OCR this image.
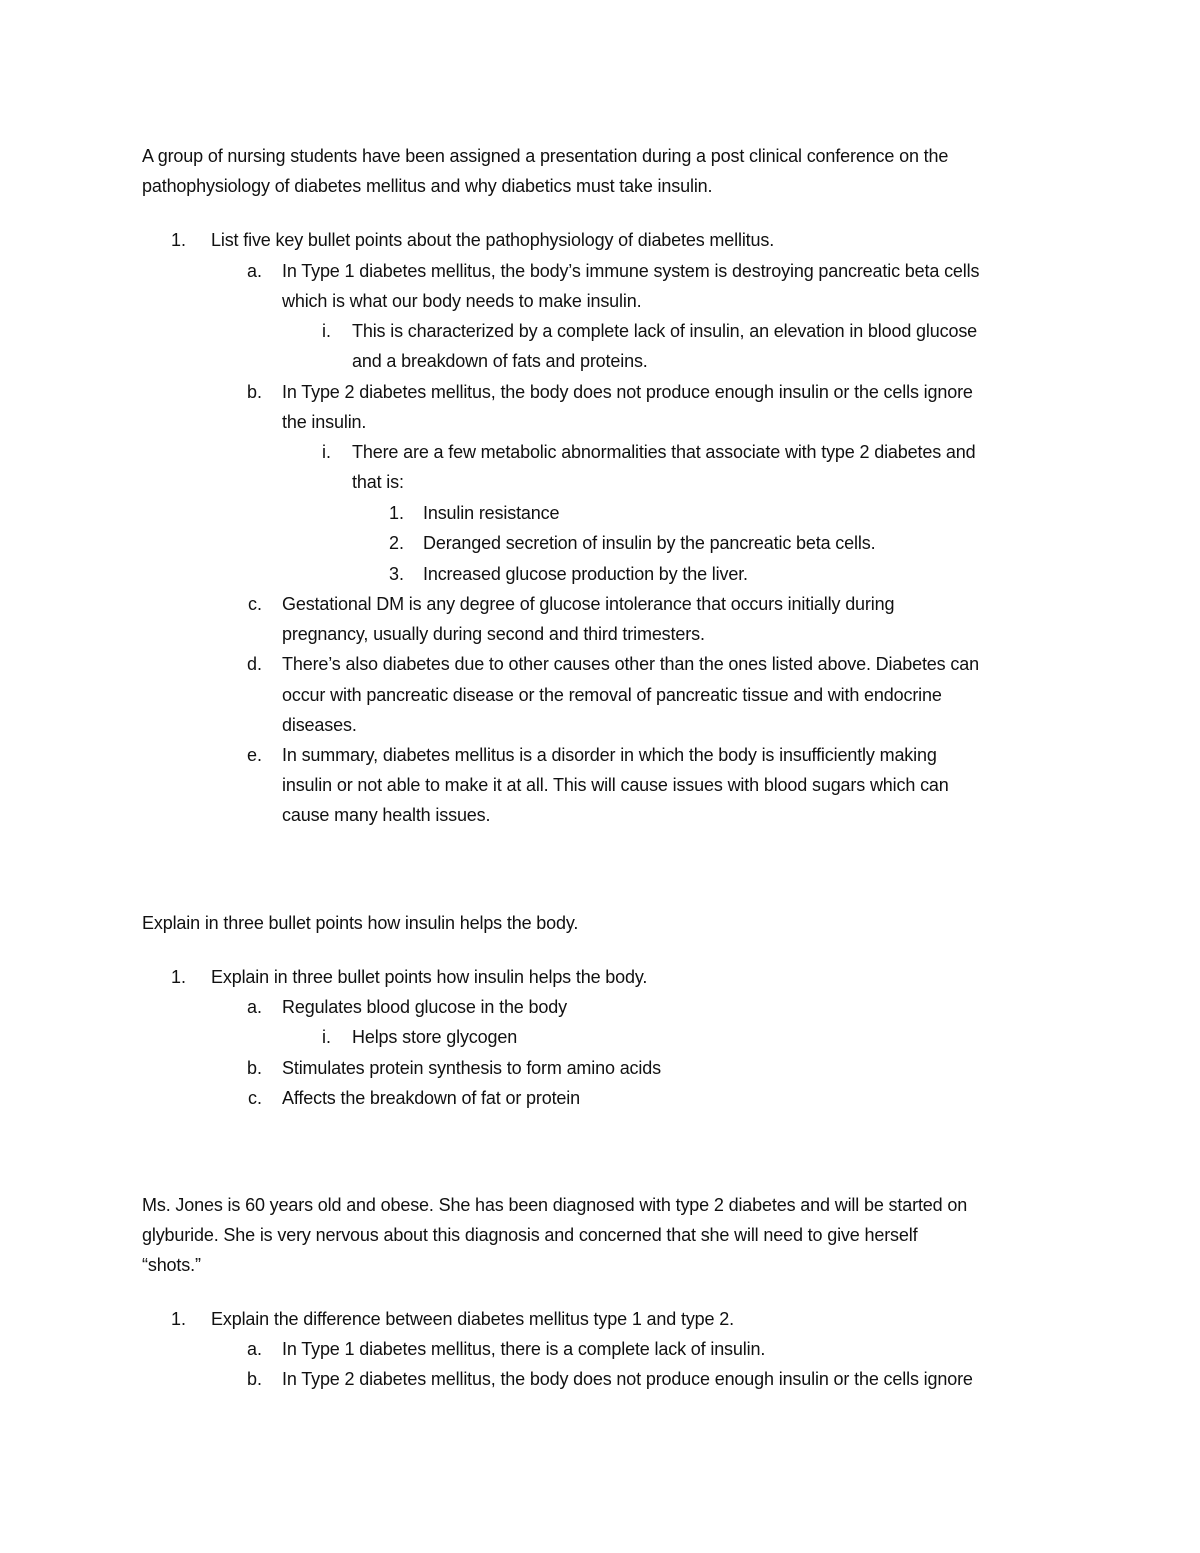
A group of nursing students have been assigned a presentation during a post clinical conference on the
pathophysiology of diabetes mellitus and why diabetics must take insulin.
1. List five key bullet points about the pathophysiology of diabetes mellitus.
a. In Type 1 diabetes mellitus, the body’s immune system is destroying pancreatic beta cells
which is what our body needs to make insulin.
i. This is characterized by a complete lack of insulin, an elevation in blood glucose
and a breakdown of fats and proteins.
b. In Type 2 diabetes mellitus, the body does not produce enough insulin or the cells ignore
the insulin.
i. There are a few metabolic abnormalities that associate with type 2 diabetes and
that is:
1. Insulin resistance
2. Deranged secretion of insulin by the pancreatic beta cells.
3. Increased glucose production by the liver.
c. Gestational DM is any degree of glucose intolerance that occurs initially during
pregnancy, usually during second and third trimesters.
d. There’s also diabetes due to other causes other than the ones listed above. Diabetes can
occur with pancreatic disease or the removal of pancreatic tissue and with endocrine
diseases.
e. In summary, diabetes mellitus is a disorder in which the body is insufficiently making
insulin or not able to make it at all. This will cause issues with blood sugars which can
cause many health issues.
Explain in three bullet points how insulin helps the body.
1. Explain in three bullet points how insulin helps the body.
a. Regulates blood glucose in the body
i. Helps store glycogen
b. Stimulates protein synthesis to form amino acids
c. Affects the breakdown of fat or protein
Ms. Jones is 60 years old and obese. She has been diagnosed with type 2 diabetes and will be started on
glyburide. She is very nervous about this diagnosis and concerned that she will need to give herself
“shots.”
1. Explain the difference between diabetes mellitus type 1 and type 2.
a. In Type 1 diabetes mellitus, there is a complete lack of insulin.
b. In Type 2 diabetes mellitus, the body does not produce enough insulin or the cells ignore
